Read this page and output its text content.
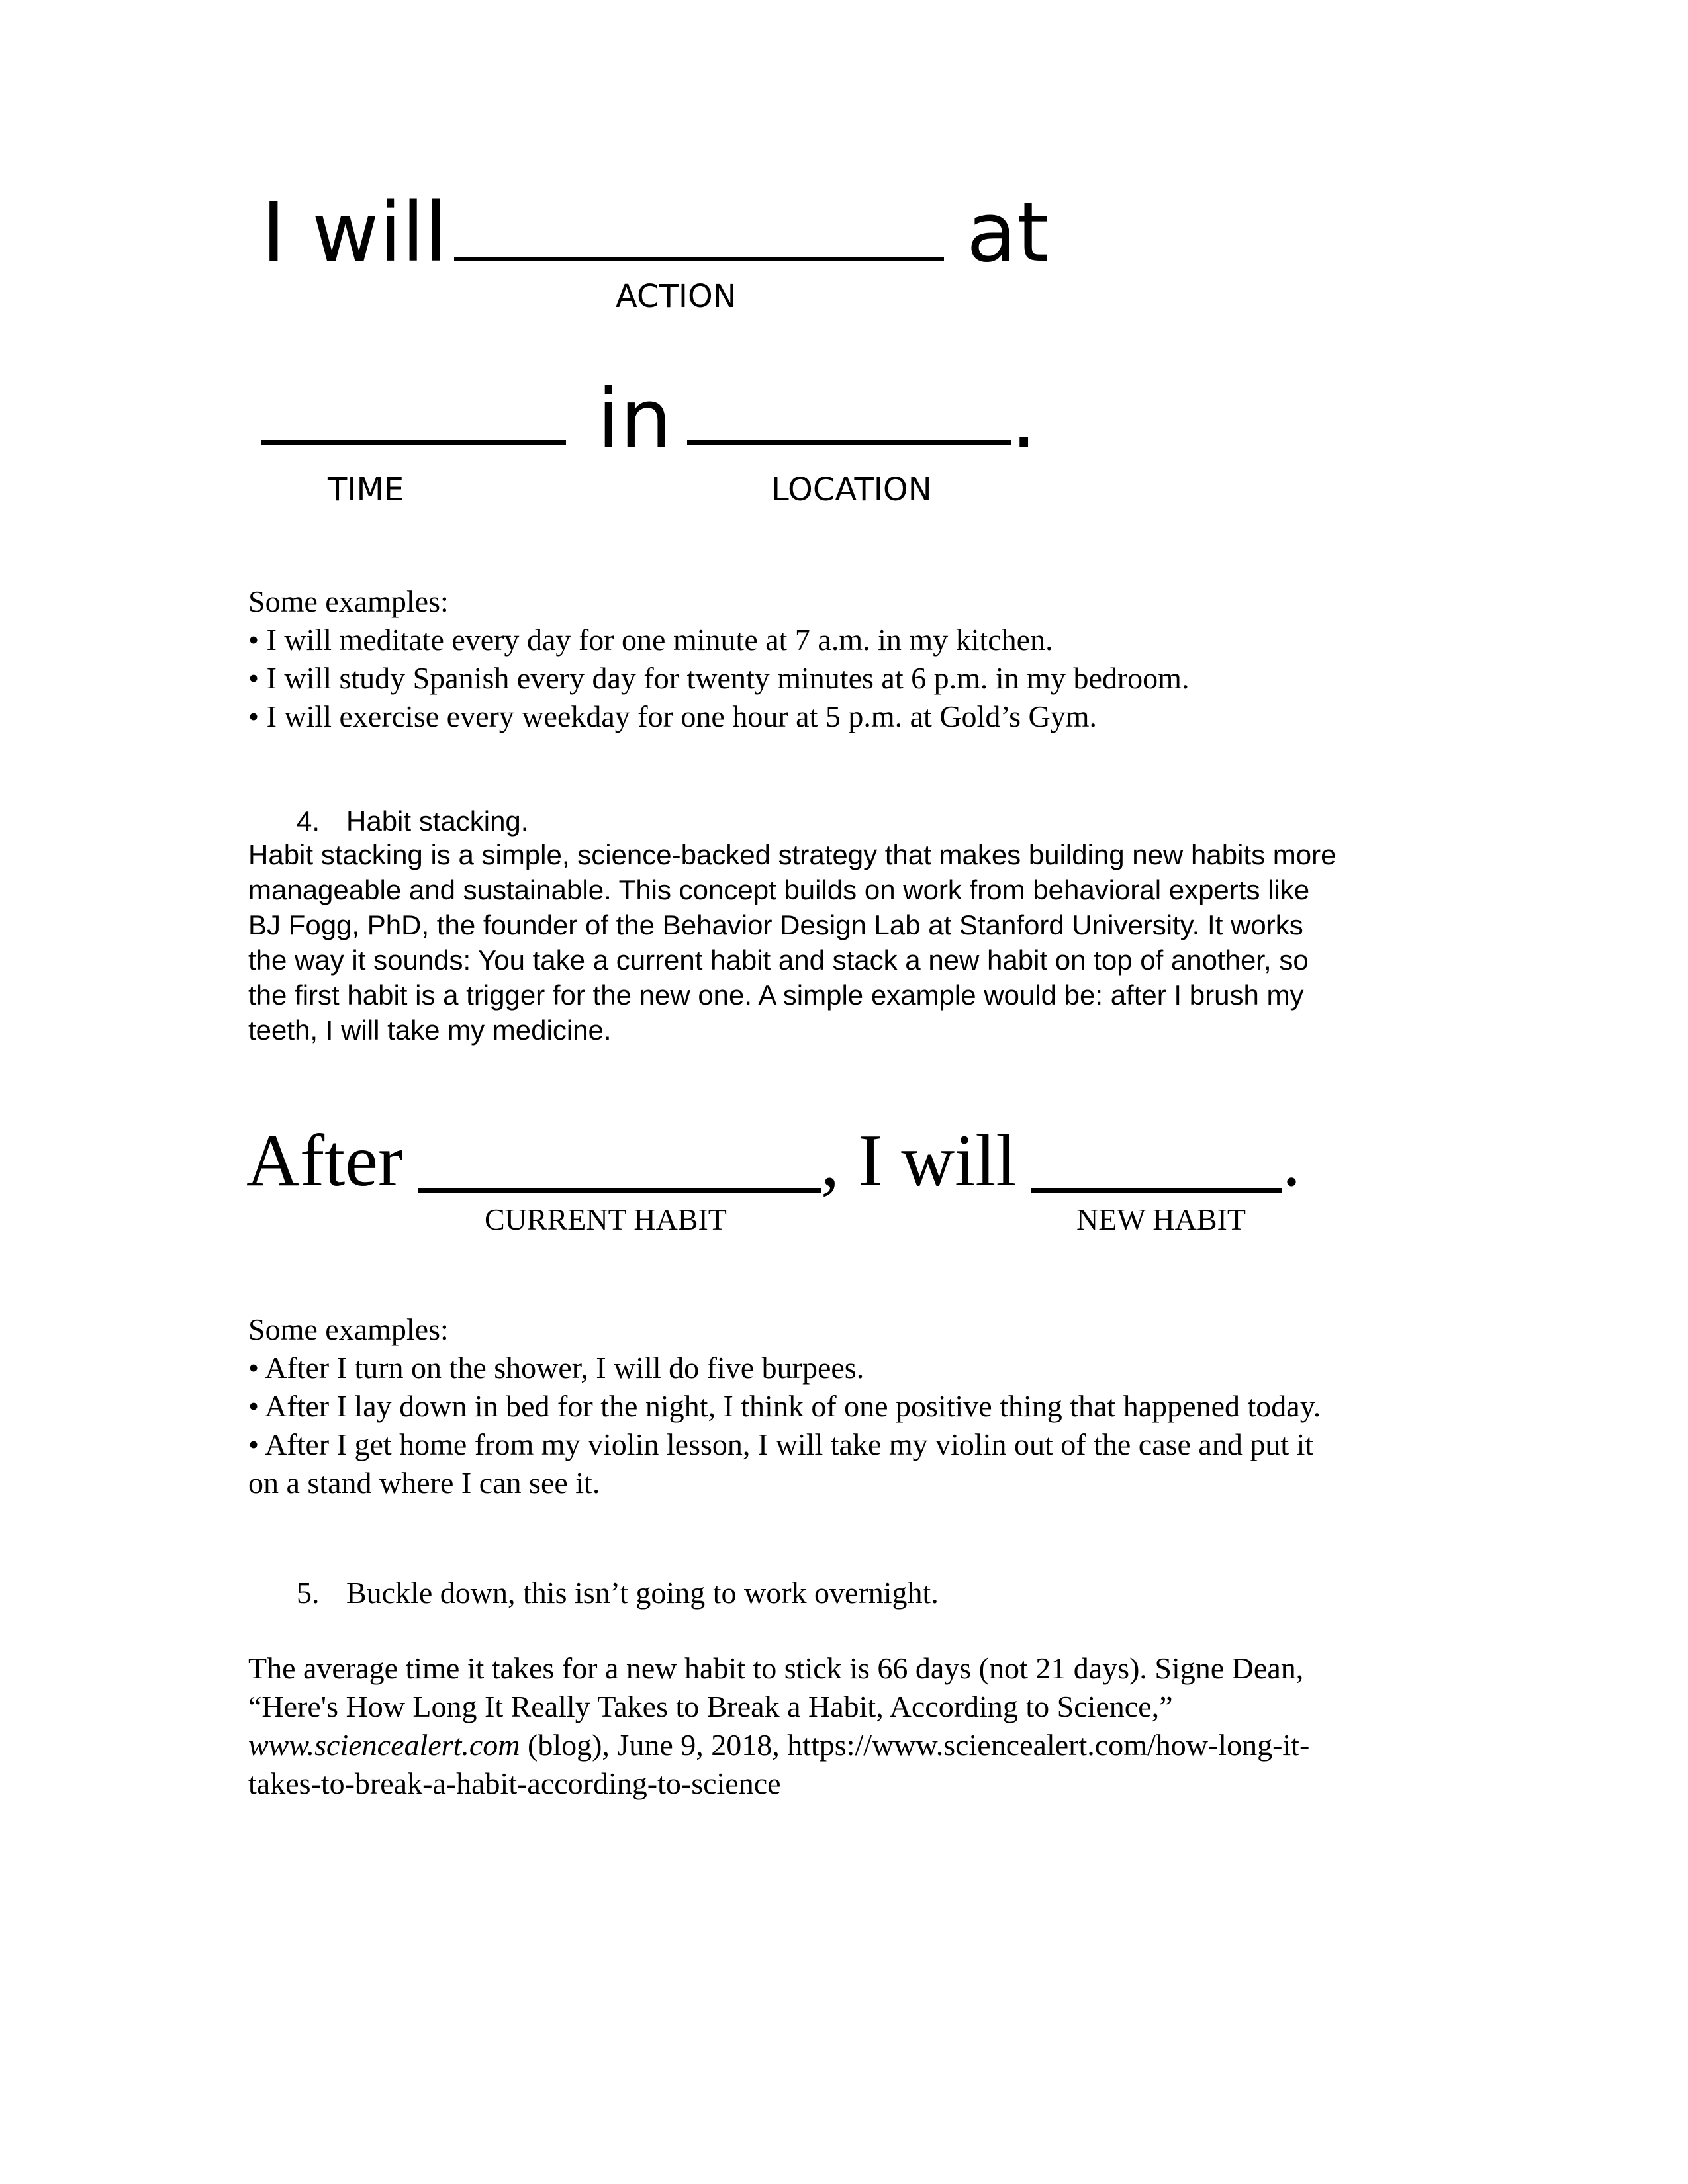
I will	at
ACTION
in	.
TIME	LOCATION

Some examples:

• I will meditate every day for one minute at 7 a.m. in my kitchen.

• I will study Spanish every day for twenty minutes at 6 p.m. in my bedroom.

• I will exercise every weekday for one hour at 5 p.m. at Gold’s Gym.

4. Habit stacking.

Habit stacking is a simple, science-backed strategy that makes building new habits more

manageable and sustainable. This concept builds on work from behavioral experts like

BJ Fogg, PhD, the founder of the Behavior Design Lab at Stanford University. It works

the way it sounds: You take a current habit and stack a new habit on top of another, so

the first habit is a trigger for the new one. A simple example would be: after I brush my

teeth, I will take my medicine.

After	, I will	.
CURRENT HABIT	NEW HABIT

Some examples:

• After I turn on the shower, I will do five burpees.

• After I lay down in bed for the night, I think of one positive thing that happened today.

• After I get home from my violin lesson, I will take my violin out of the case and put it

on a stand where I can see it.

5. Buckle down, this isn’t going to work overnight.

The average time it takes for a new habit to stick is 66 days (not 21 days). Signe Dean,

“Here's How Long It Really Takes to Break a Habit, According to Science,”

www.sciencealert.com (blog), June 9, 2018, https://www.sciencealert.com/how-long-it-

takes-to-break-a-habit-according-to-science
